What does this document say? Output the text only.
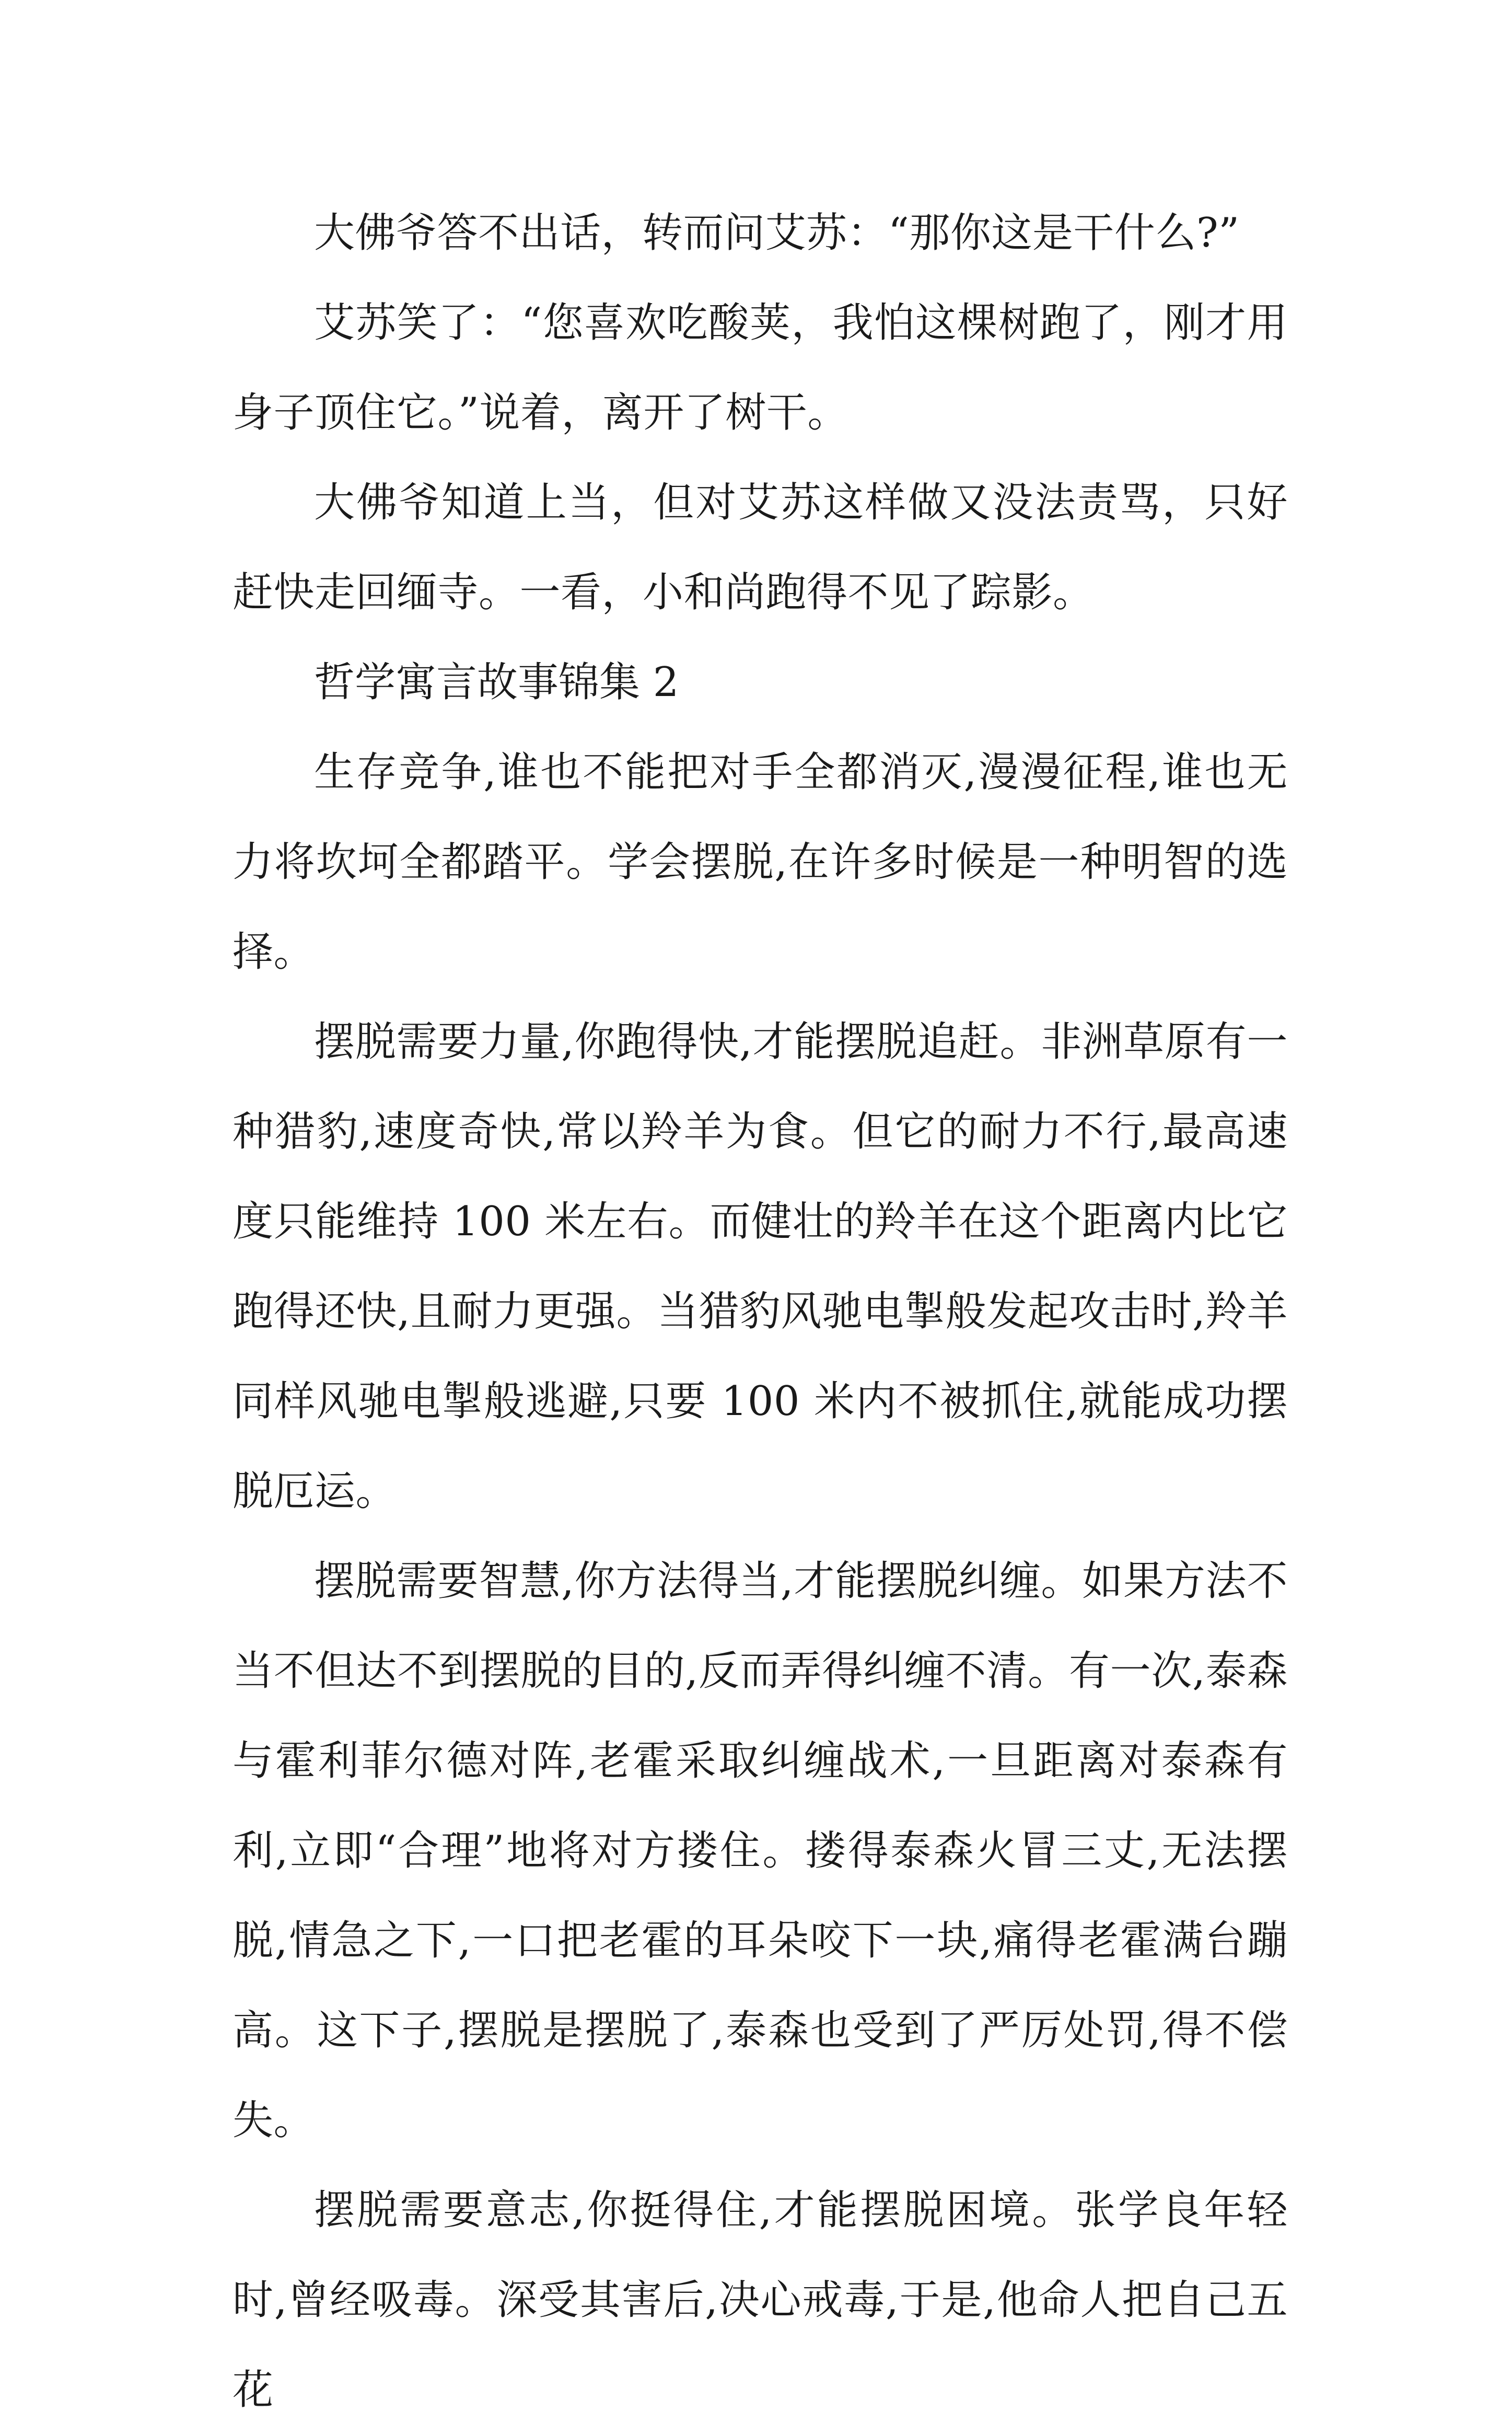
大佛爷答不出话，转而问艾苏：“那你这是干什么?”

艾苏笑了：“您喜欢吃酸荚，我怕这棵树跑了，刚才用身子顶住它。”说着，离开了树干。

大佛爷知道上当，但对艾苏这样做又没法责骂，只好赶快走回缅寺。一看，小和尚跑得不见了踪影。

哲学寓言故事锦集 2

生存竞争,谁也不能把对手全都消灭,漫漫征程,谁也无力将坎坷全都踏平。学会摆脱,在许多时候是一种明智的选择。

摆脱需要力量,你跑得快,才能摆脱追赶。非洲草原有一种猎豹,速度奇快,常以羚羊为食。但它的耐力不行,最高速度只能维持 100 米左右。而健壮的羚羊在这个距离内比它跑得还快,且耐力更强。当猎豹风驰电掣般发起攻击时,羚羊同样风驰电掣般逃避,只要 100 米内不被抓住,就能成功摆脱厄运。

摆脱需要智慧,你方法得当,才能摆脱纠缠。如果方法不当不但达不到摆脱的目的,反而弄得纠缠不清。有一次,泰森与霍利菲尔德对阵,老霍采取纠缠战术,一旦距离对泰森有利,立即“合理”地将对方搂住。搂得泰森火冒三丈,无法摆脱,情急之下,一口把老霍的耳朵咬下一块,痛得老霍满台蹦高。这下子,摆脱是摆脱了,泰森也受到了严厉处罚,得不偿失。

摆脱需要意志,你挺得住,才能摆脱困境。张学良年轻时,曾经吸毒。深受其害后,决心戒毒,于是,他命人把自己五花
